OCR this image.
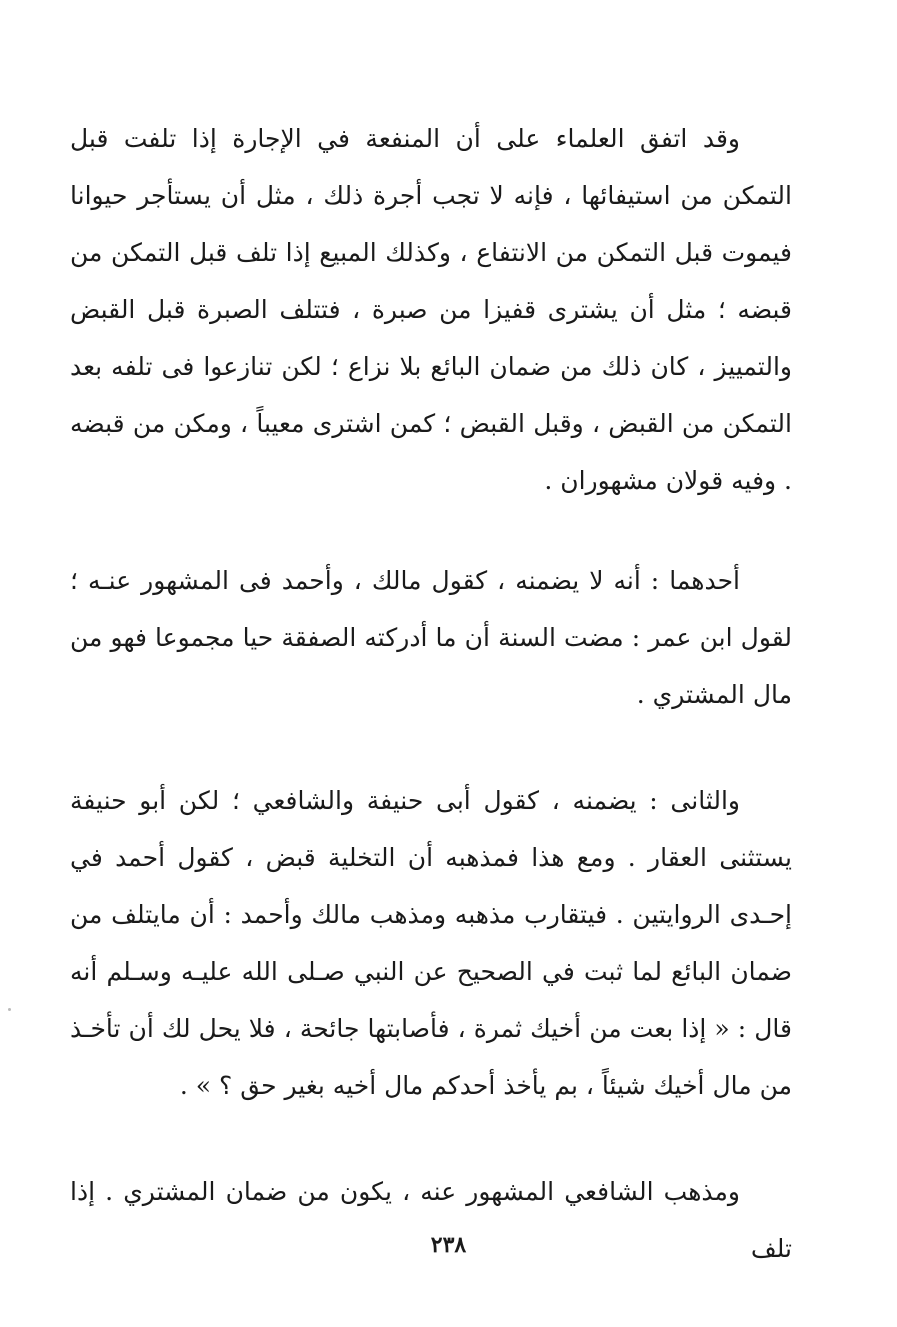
وقد اتفق العلماء على أن المنفعة في الإجارة إذا تلفت قبل التمكن من استيفائها ، فإنه لا تجب أجرة ذلك ، مثل أن يستأجر حيوانا فيموت قبل التمكن من الانتفاع ، وكذلك المبيع إذا تلف قبل التمكن من قبضه ؛ مثل أن يشترى قفيزا من صبرة ، فتتلف الصبرة قبل القبض والتمييز ، كان ذلك من ضمان البائع بلا نزاع ؛ لكن تنازعوا فى تلفه بعد التمكن من القبض ، وقبل القبض ؛ كمن اشترى معيباً ، ومكن من قبضه . وفيه قولان مشهوران .

أحدهما : أنه لا يضمنه ، كقول مالك ، وأحمد فى المشهور عنـه ؛ لقول ابن عمر : مضت السنة أن ما أدركته الصفقة حيا مجموعا فهو من مال المشتري .

والثانى : يضمنه ، كقول أبى حنيفة والشافعي ؛ لكن أبو حنيفة يستثنى العقار . ومع هذا فمذهبه أن التخلية قبض ، كقول أحمد في إحـدى الروايتين . فيتقارب مذهبه ومذهب مالك وأحمد : أن مايتلف من ضمان البائع لما ثبت في الصحيح عن النبي صـلى الله عليـه وسـلم أنه قال : « إذا بعت من أخيك ثمرة ، فأصابتها جائحة ، فلا يحل لك أن تأخـذ من مال أخيك شيئاً ، بم يأخذ أحدكم مال أخيه بغير حق ؟ » .

ومذهب الشافعي المشهور عنه ، يكون من ضمان المشتري . إذا تلف

٢٣٨
